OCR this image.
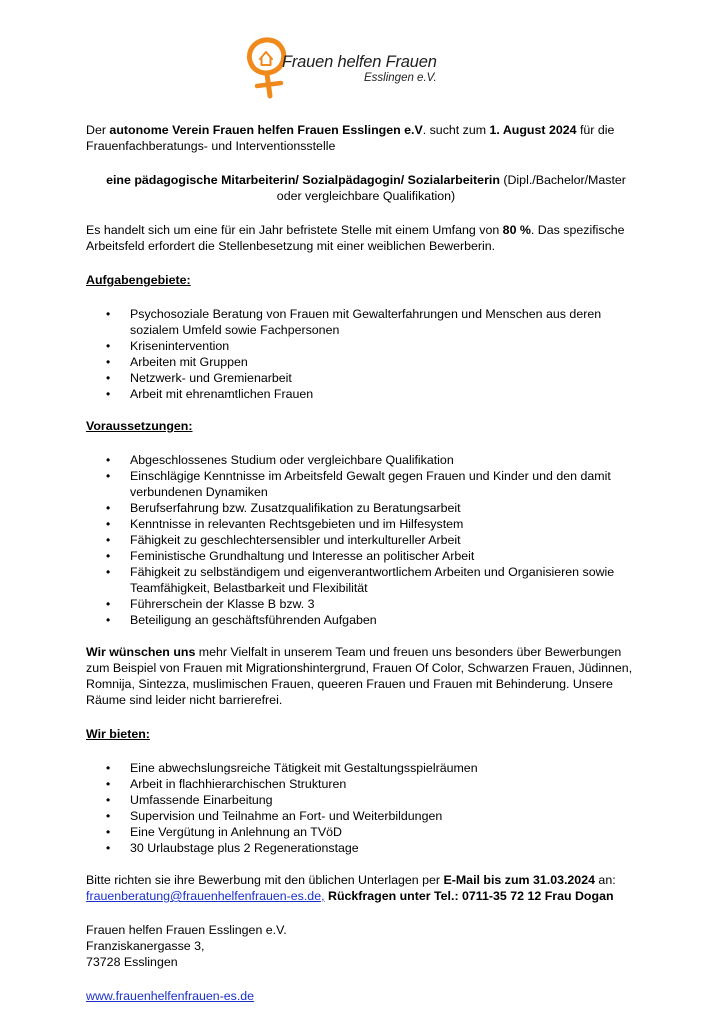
Frauen helfen Frauen
Esslingen e.V.

Der autonome Verein Frauen helfen Frauen Esslingen e.V. sucht zum 1. August 2024 für die Frauenfachberatungs- und Interventionsstelle

eine pädagogische Mitarbeiterin/ Sozialpädagogin/ Sozialarbeiterin (Dipl./Bachelor/Master oder vergleichbare Qualifikation)

Es handelt sich um eine für ein Jahr befristete Stelle mit einem Umfang von 80 %. Das spezifische Arbeitsfeld erfordert die Stellenbesetzung mit einer weiblichen Bewerberin.

Aufgabengebiete:

• Psychosoziale Beratung von Frauen mit Gewalterfahrungen und Menschen aus deren sozialem Umfeld sowie Fachpersonen
• Krisenintervention
• Arbeiten mit Gruppen
• Netzwerk- und Gremienarbeit
• Arbeit mit ehrenamtlichen Frauen

Voraussetzungen:

• Abgeschlossenes Studium oder vergleichbare Qualifikation
• Einschlägige Kenntnisse im Arbeitsfeld Gewalt gegen Frauen und Kinder und den damit verbundenen Dynamiken
• Berufserfahrung bzw. Zusatzqualifikation zu Beratungsarbeit
• Kenntnisse in relevanten Rechtsgebieten und im Hilfesystem
• Fähigkeit zu geschlechtersensibler und interkultureller Arbeit
• Feministische Grundhaltung und Interesse an politischer Arbeit
• Fähigkeit zu selbständigem und eigenverantwortlichem Arbeiten und Organisieren sowie Teamfähigkeit, Belastbarkeit und Flexibilität
• Führerschein der Klasse B bzw. 3
• Beteiligung an geschäftsführenden Aufgaben

Wir wünschen uns mehr Vielfalt in unserem Team und freuen uns besonders über Bewerbungen zum Beispiel von Frauen mit Migrationshintergrund, Frauen Of Color, Schwarzen Frauen, Jüdinnen, Romnija, Sintezza, muslimischen Frauen, queeren Frauen und Frauen mit Behinderung. Unsere Räume sind leider nicht barrierefrei.

Wir bieten:

• Eine abwechslungsreiche Tätigkeit mit Gestaltungsspielräumen
• Arbeit in flachhierarchischen Strukturen
• Umfassende Einarbeitung
• Supervision und Teilnahme an Fort- und Weiterbildungen
• Eine Vergütung in Anlehnung an TVöD
• 30 Urlaubstage plus 2 Regenerationstage

Bitte richten sie ihre Bewerbung mit den üblichen Unterlagen per E-Mail bis zum 31.03.2024 an:
frauenberatung@frauenhelfenfrauen-es.de, Rückfragen unter Tel.: 0711-35 72 12 Frau Dogan

Frauen helfen Frauen Esslingen e.V.
Franziskanergasse 3,
73728 Esslingen

www.frauenhelfenfrauen-es.de
